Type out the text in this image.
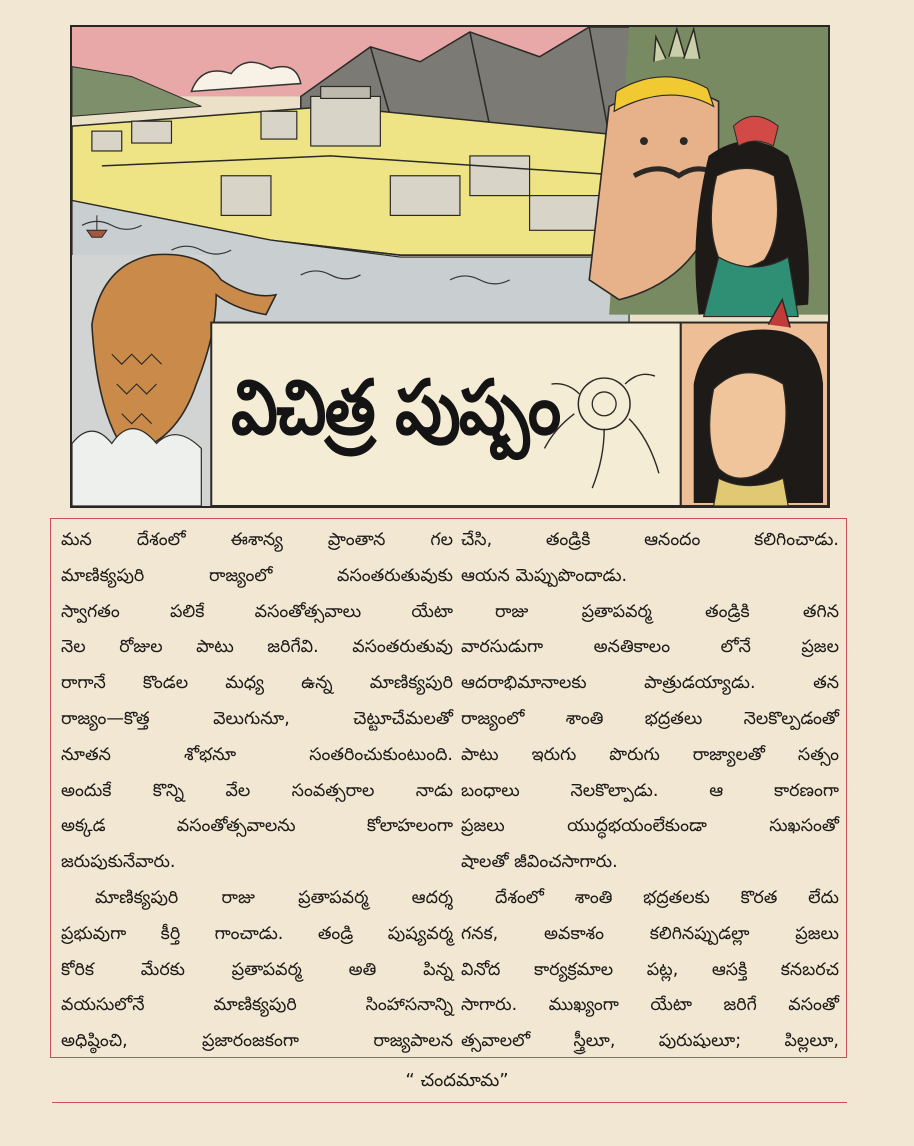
విచిత్ర పుష్పం
Raju
మన దేశంలో ఈశాన్య ప్రాంతాన గల
మాణిక్యపురి రాజ్యంలో వసంతరుతువుకు
స్వాగతం పలికే వసంతోత్సవాలు యేటా
నెల రోజుల పాటు జరిగేవి. వసంతరుతువు
రాగానే కొండల మధ్య ఉన్న మాణిక్యపురి
రాజ్యం—కొత్త వెలుగునూ, చెట్టూచేమలతో
నూతన శోభనూ సంతరించుకుంటుంది.
అందుకే కొన్ని వేల సంవత్సరాల నాడు
అక్కడ వసంతోత్సవాలను కోలాహలంగా
జరుపుకునేవారు.
మాణిక్యపురి రాజు ప్రతాపవర్మ ఆదర్శ
ప్రభువుగా కీర్తి గాంచాడు. తండ్రి పుష్యవర్మ
కోరిక మేరకు ప్రతాపవర్మ అతి పిన్న
వయసులోనే మాణిక్యపురి సింహాసనాన్ని
అధిష్ఠించి, ప్రజారంజకంగా రాజ్యపాలన
చేసి, తండ్రికి ఆనందం కలిగించాడు.
ఆయన మెప్పుపొందాడు.
రాజు ప్రతాపవర్మ తండ్రికి తగిన
వారసుడుగా అనతికాలం లోనే ప్రజల
ఆదరాభిమానాలకు పాత్రుడయ్యాడు. తన
రాజ్యంలో శాంతి భద్రతలు నెలకొల్పడంతో
పాటు ఇరుగు పొరుగు రాజ్యాలతో సత్సం
బంధాలు నెలకొల్పాడు. ఆ కారణంగా
ప్రజలు యుద్ధభయంలేకుండా సుఖసంతో
షాలతో జీవించసాగారు.
దేశంలో శాంతి భద్రతలకు కొరత లేదు
గనక, అవకాశం కలిగినప్పుడల్లా ప్రజలు
వినోద కార్యక్రమాల పట్ల, ఆసక్తి కనబరచ
సాగారు. ముఖ్యంగా యేటా జరిగే వసంతో
త్సవాలలో స్త్రీలూ, పురుషులూ; పిల్లలూ,
“ చందమామ”
